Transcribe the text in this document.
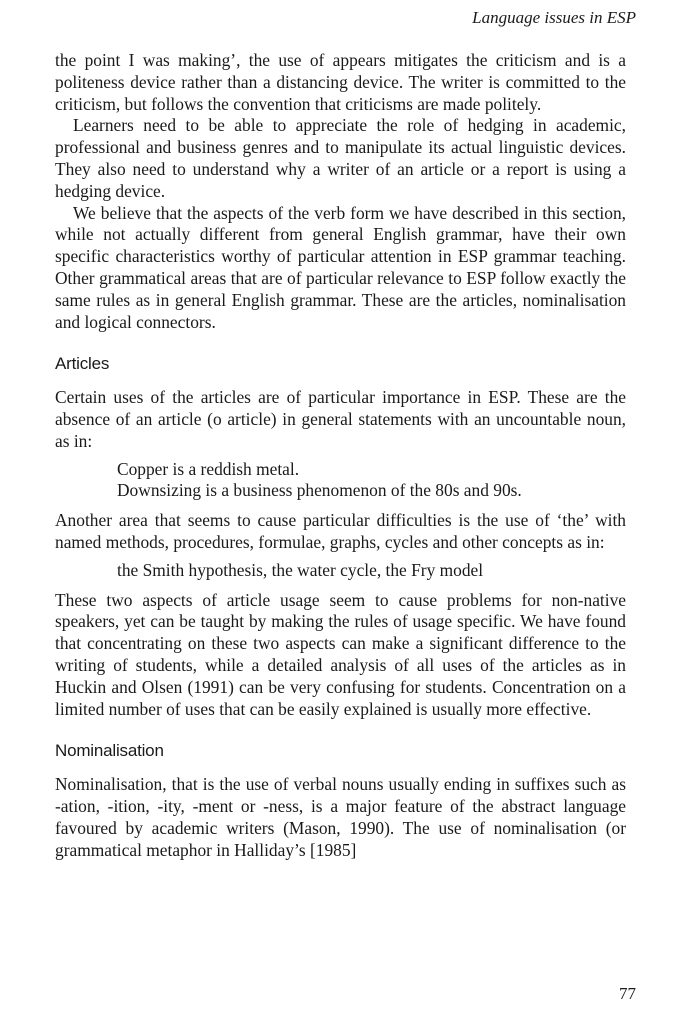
Language issues in ESP

the point I was making’, the use of appears mitigates the criticism and is a politeness device rather than a distancing device. The writer is committed to the criticism, but follows the convention that criticisms are made politely.

Learners need to be able to appreciate the role of hedging in academic, professional and business genres and to manipulate its actual linguistic devices. They also need to understand why a writer of an article or a report is using a hedging device.

We believe that the aspects of the verb form we have described in this section, while not actually different from general English grammar, have their own specific characteristics worthy of particular attention in ESP grammar teaching. Other grammatical areas that are of particular relevance to ESP follow exactly the same rules as in general English grammar. These are the articles, nominalisation and logical connectors.

Articles

Certain uses of the articles are of particular importance in ESP. These are the absence of an article (o article) in general statements with an uncountable noun, as in:

Copper is a reddish metal.
Downsizing is a business phenomenon of the 80s and 90s.

Another area that seems to cause particular difficulties is the use of ‘the’ with named methods, procedures, formulae, graphs, cycles and other concepts as in:

the Smith hypothesis, the water cycle, the Fry model

These two aspects of article usage seem to cause problems for non-native speakers, yet can be taught by making the rules of usage specific. We have found that concentrating on these two aspects can make a significant difference to the writing of students, while a detailed analysis of all uses of the articles as in Huckin and Olsen (1991) can be very confusing for students. Concentration on a limited number of uses that can be easily explained is usually more effective.

Nominalisation

Nominalisation, that is the use of verbal nouns usually ending in suffixes such as -ation, -ition, -ity, -ment or -ness, is a major feature of the abstract language favoured by academic writers (Mason, 1990). The use of nominalisation (or grammatical metaphor in Halliday’s [1985]

77
